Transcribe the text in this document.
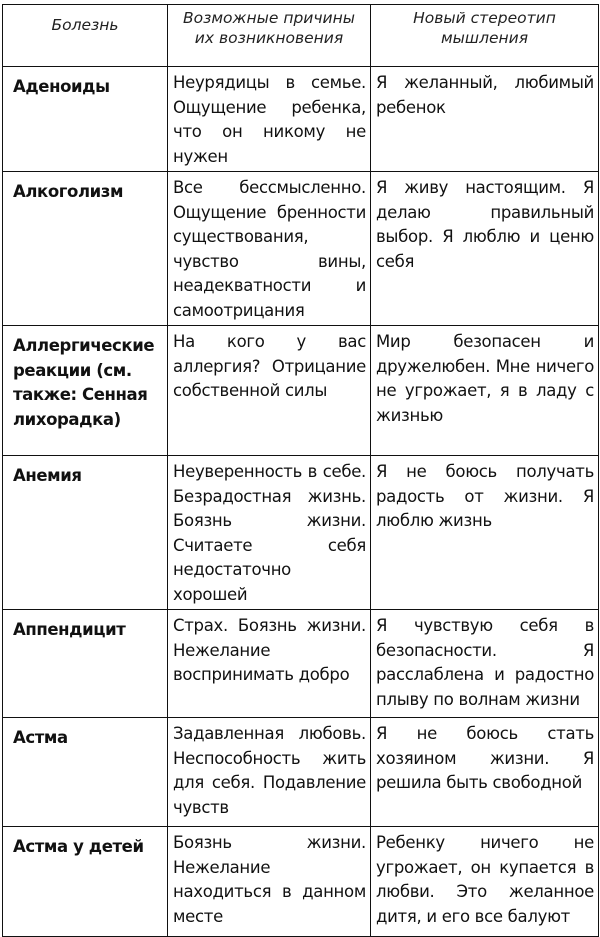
Болезнь	Возможные причины их возникновения	Новый стереотип мышления
Аденоиды	Неурядицы в семье. Ощущение ребенка, что он никому не нужен	Я желанный, любимый ребенок
Алкоголизм	Все бессмысленно. Ощущение бренности существования, чувство вины, неадекватности и самоотрицания	Я живу настоящим. Я делаю правильный выбор. Я люблю и ценю себя
Аллергические реакции (см. также: Сенная лихорадка)	На кого у вас аллергия? Отрицание собственной силы	Мир безопасен и дружелюбен. Мне ничего не угрожает, я в ладу с жизнью
Анемия	Неуверенность в себе. Безрадостная жизнь. Боязнь жизни. Считаете себя недостаточно хорошей	Я не боюсь получать радость от жизни. Я люблю жизнь
Аппендицит	Страх. Боязнь жизни. Нежелание воспринимать добро	Я чувствую себя в безопасности. Я расслаблена и радостно плыву по волнам жизни
Астма	Задавленная любовь. Неспособность жить для себя. Подавление чувств	Я не боюсь стать хозяином жизни. Я решила быть свободной
Астма у детей	Боязнь жизни. Нежелание находиться в данном месте	Ребенку ничего не угрожает, он купается в любви. Это желанное дитя, и его все балуют
